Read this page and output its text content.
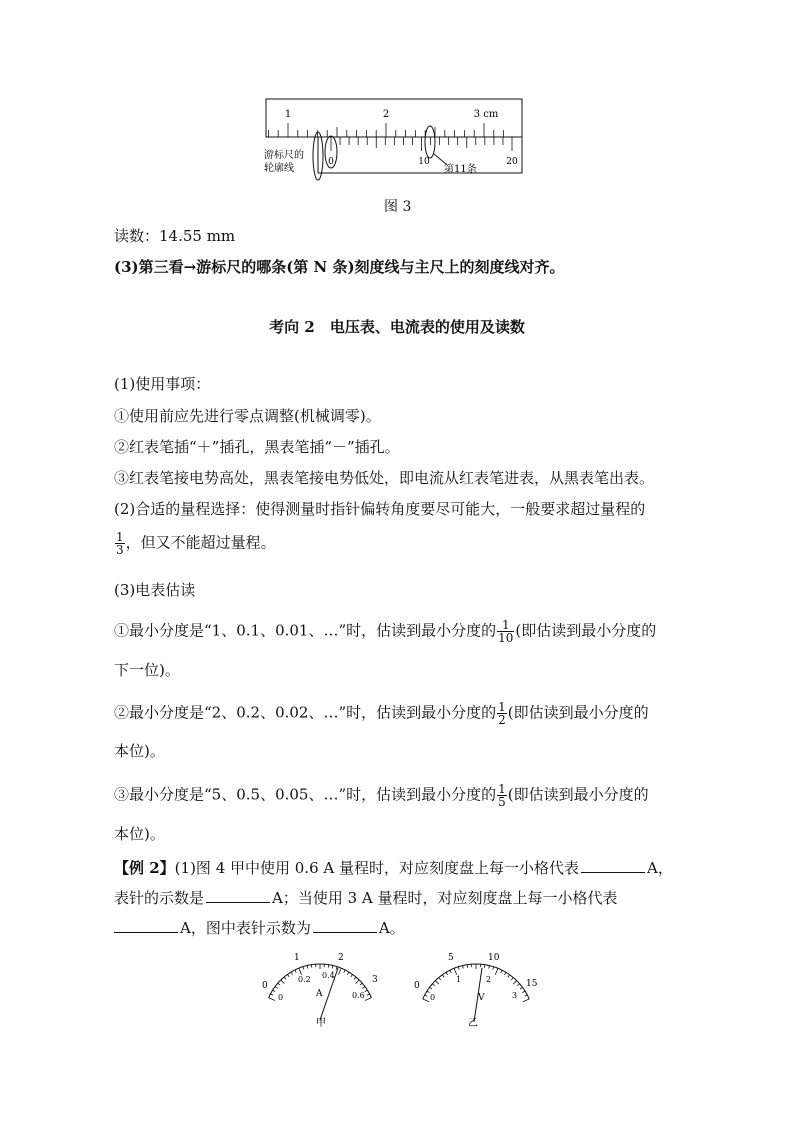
1	2	3 cm
0	10	20
游标尺的
轮廓线	第11条
图 3
读数：14.55 mm
(3)第三看→游标尺的哪条(第 N 条)刻度线与主尺上的刻度线对齐。
考向 2　电压表、电流表的使用及读数
(1)使用事项：
①使用前应先进行零点调整(机械调零)。
②红表笔插“＋”插孔，黑表笔插“－”插孔。
③红表笔接电势高处，黑表笔接电势低处，即电流从红表笔进表，从黑表笔出表。
(2)合适的量程选择：使得测量时指针偏转角度要尽可能大，一般要求超过量程的
$\frac{1}{3}$ ，但又不能超过量程。
(3)电表估读
①最小分度是“1、0.1、0.01、…”时，估读到最小分度的 $\frac{1}{10}$ (即估读到最小分度的
下一位)。
②最小分度是“2、0.2、0.02、…”时，估读到最小分度的 $\frac{1}{2}$ (即估读到最小分度的
本位)。
③最小分度是“5、0.5、0.05、…”时，估读到最小分度的 $\frac{1}{5}$ (即估读到最小分度的
本位)。
【例 2】(1)图 4 甲中使用 0.6 A 量程时，对应刻度盘上每一小格代表	A，
表针的示数是	A；当使用 3 A 量程时，对应刻度盘上每一小格代表
A，图中表针示数为	A。
0
1	2
3
0
0.2 0.4
0.6
A
甲
0
5	10
15
0
1	2
3
V
乙
